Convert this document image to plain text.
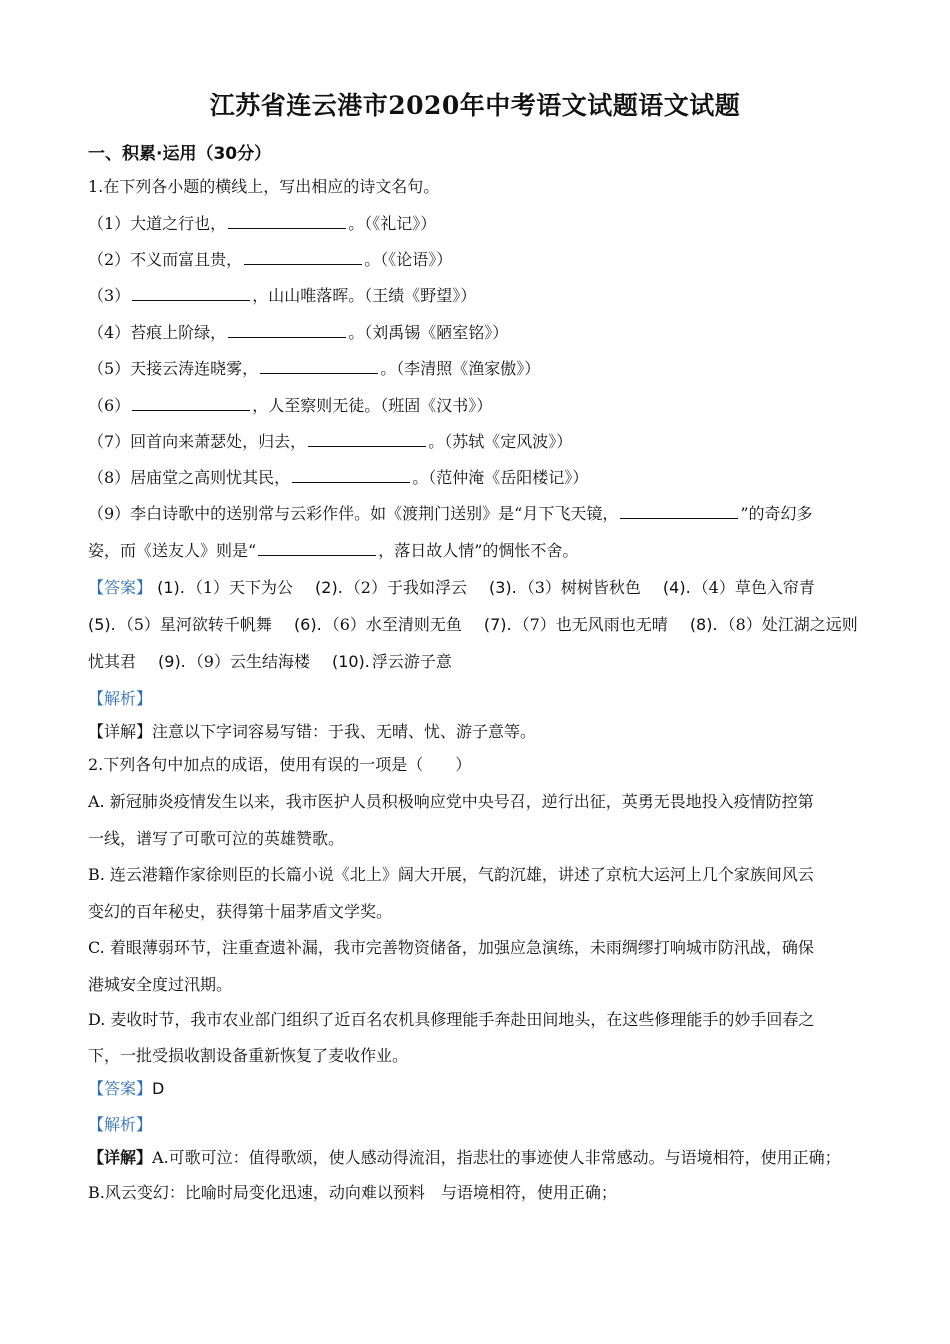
江苏省连云港市2020年中考语文试题语文试题
一、积累·运用（30分）
1.在下列各小题的横线上，写出相应的诗文名句。
（1）大道之行也，	。（《礼记》）
（2）不义而富且贵，	。（《论语》）
（3）	，山山唯落晖。（王绩《野望》）
（4）苔痕上阶绿，	。（刘禹锡《陋室铭》）
（5）天接云涛连晓雾，	。（李清照《渔家傲》）
（6）	，人至察则无徒。（班固《汉书》）
（7）回首向来萧瑟处，归去，	。（苏轼《定风波》）
（8）居庙堂之高则忧其民，	。（范仲淹《岳阳楼记》）
（9）李白诗歌中的送别常与云彩作伴。如《渡荆门送别》是“月下飞天镜，	”的奇幻多
姿，而《送友人》则是“	，落日故人情”的惆怅不舍。
【答案】 (1). （1）天下为公 (2). （2）于我如浮云 (3). （3）树树皆秋色 (4). （4）草色入帘青
(5). （5）星河欲转千帆舞 (6). （6）水至清则无鱼 (7). （7）也无风雨也无晴 (8). （8）处江湖之远则
忧其君 (9). （9）云生结海楼 (10). 浮云游子意
【解析】
【详解】注意以下字词容易写错：于我、无晴、忧、游子意等。
2.下列各句中加点的成语，使用有误的一项是（　　）
A. 新冠肺炎疫情发生以来，我市医护人员积极响应党中央号召，逆行出征，英勇无畏地投入疫情防控第
一线，谱写了可歌可泣的英雄赞歌。
B. 连云港籍作家徐则臣的长篇小说《北上》阔大开展，气韵沉雄，讲述了京杭大运河上几个家族间风云
变幻的百年秘史，获得第十届茅盾文学奖。
C. 着眼薄弱环节，注重查遗补漏，我市完善物资储备，加强应急演练，未雨绸缪打响城市防汛战，确保
港城安全度过汛期。
D. 麦收时节，我市农业部门组织了近百名农机具修理能手奔赴田间地头，在这些修理能手的妙手回春之
下，一批受损收割设备重新恢复了麦收作业。
【答案】D
【解析】
【详解】A.可歌可泣：值得歌颂，使人感动得流泪，指悲壮的事迹使人非常感动。与语境相符，使用正确；
B.风云变幻：比喻时局变化迅速，动向难以预料　与语境相符，使用正确；
